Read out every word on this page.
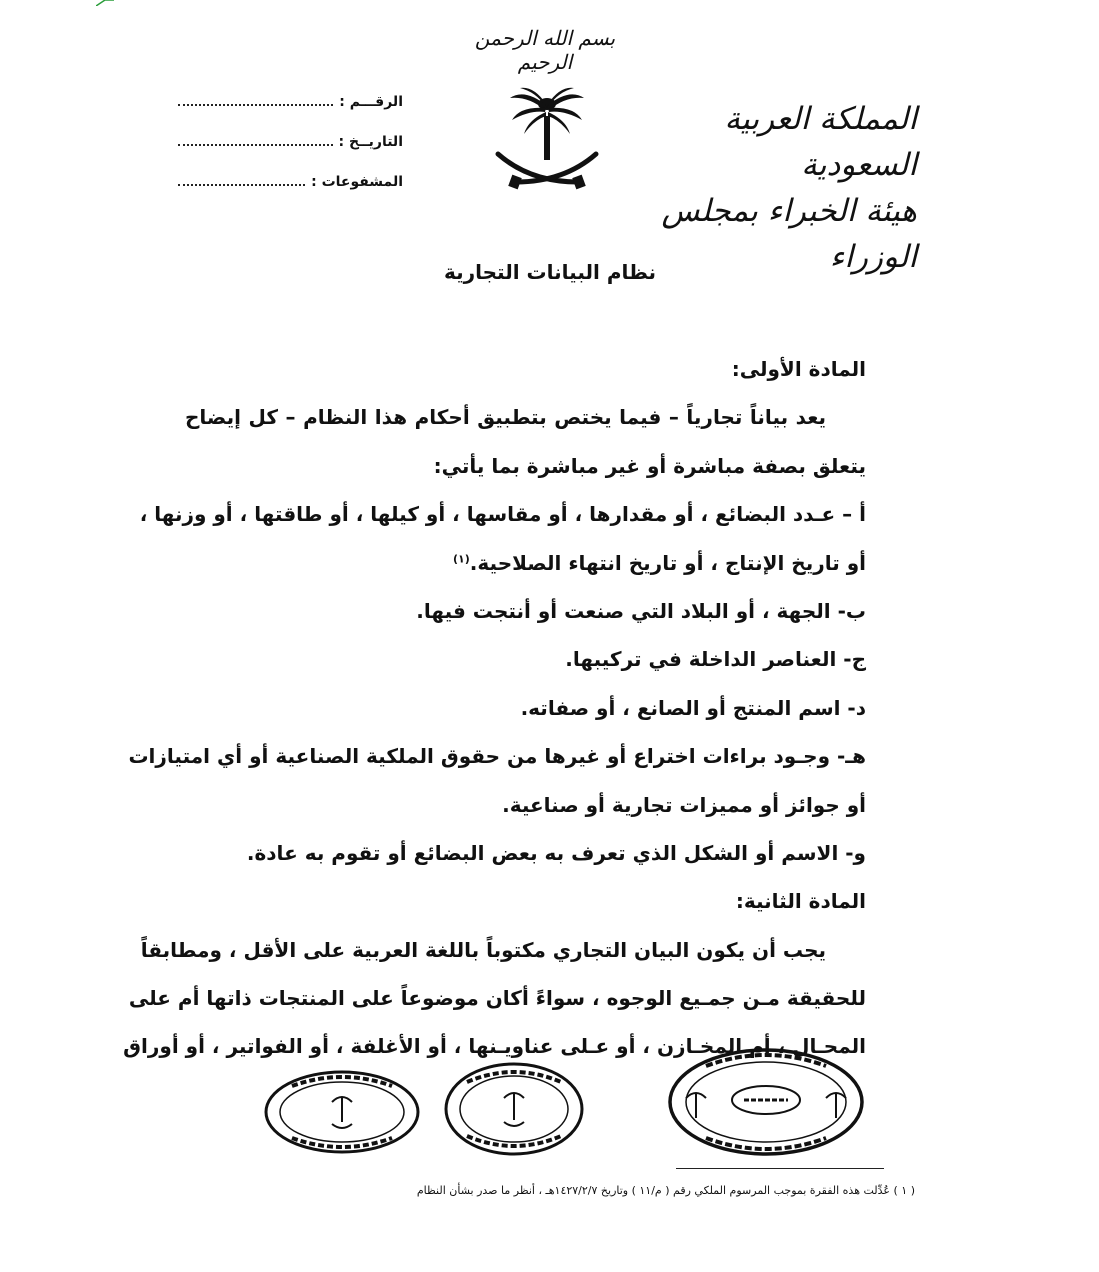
بسم الله الرحمن الرحيم
المملكة العربية السعودية
هيئة الخبراء بمجلس الوزراء
الرقـــم :
التاريــخ :
المشفوعات :
نظام البيانات التجارية
المادة الأولى:
يعد بياناً تجارياً – فيما يختص بتطبيق أحكام هذا النظام – كل إيضاح
يتعلق بصفة مباشرة أو غير مباشرة بما يأتي:
أ – عـدد البضائع ، أو مقدارها ، أو مقاسها ، أو كيلها ، أو طاقتها ، أو وزنها ،
أو تاريخ الإنتاج ، أو تاريخ انتهاء الصلاحية.$^{(١)}$
ب- الجهة ، أو البلاد التي صنعت أو أنتجت فيها.
ج- العناصر الداخلة في تركيبها.
د- اسم المنتج أو الصانع ، أو صفاته.
هـ- وجـود براءات اختراع أو غيرها من حقوق الملكية الصناعية أو أي امتيازات
أو جوائز أو مميزات تجارية أو صناعية.
و- الاسم أو الشكل الذي تعرف به بعض البضائع أو تقوم به عادة.
المادة الثانية:
يجب أن يكون البيان التجاري مكتوباً باللغة العربية على الأقل ، ومطابقاً
للحقيقة مـن جمـيع الوجوه ، سواءً أكان موضوعاً على المنتجات ذاتها أم على
المحـال ، أم المخـازن ، أو عـلى عناويـنها ، أو الأغلفة ، أو الفواتير ، أو أوراق
( ١ ) عُدِّلت هذه الفقرة بموجب المرسوم الملكي رقم ( م/١١ ) وتاريخ ١٤٢٧/٢/٧هـ ، أنظر ما صدر بشأن النظام
